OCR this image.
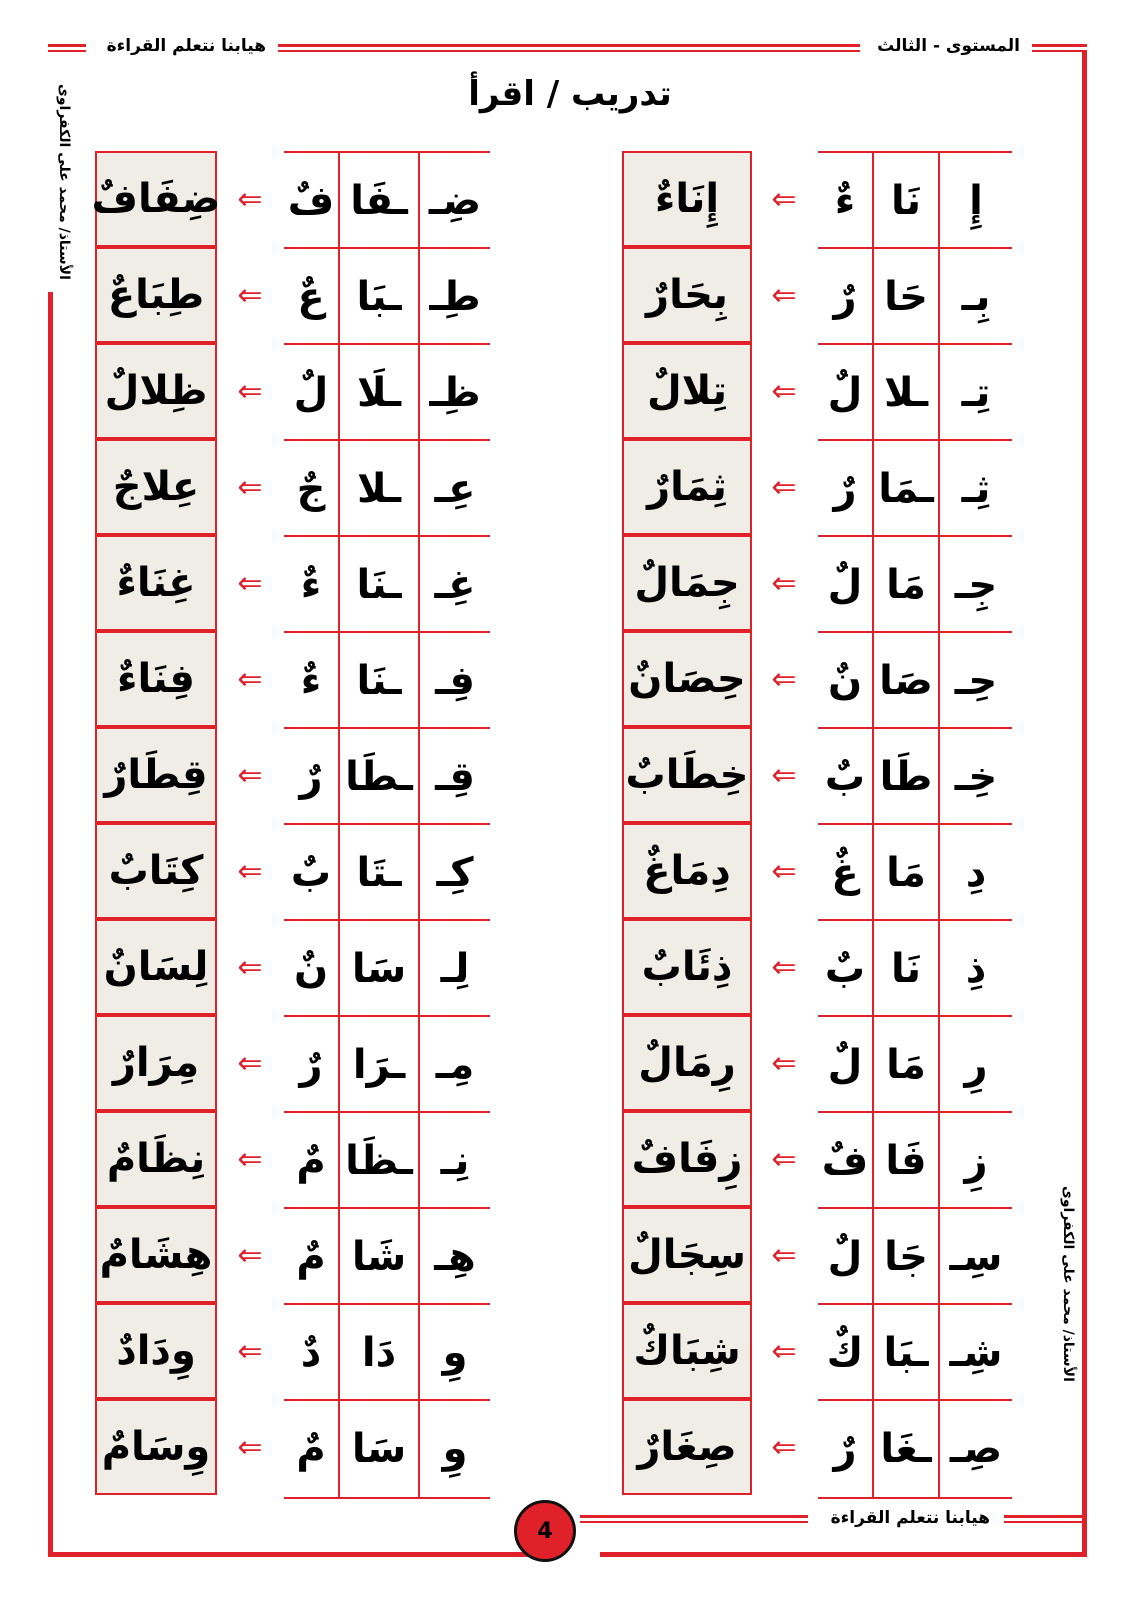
المستوى - الثالث
هيابنا نتعلم القراءة
تدريب / اقرأ
الأستاذ/ محمد على الكفراوى
الأستاذ/ محمد على الكفراوى
إِنَاءٌ	⇐ ءٌ نَا	إِ
بِحَارٌ	⇐ رٌ حَا بِـ
تِلالٌ	⇐ لٌ ـلا تِـ
ثِمَارٌ	⇐ رٌ ـمَا ثِـ
جِمَالٌ	⇐ لٌ مَا جِـ
حِصَانٌ ⇐ نٌ صَا حِـ
خِطَابٌ ⇐ بٌ طَا خِـ
دِمَاغٌ	⇐ غٌ مَا دِ
ذِئَابٌ	⇐ بٌ نَا	ذِ
رِمَالٌ	⇐ لٌ مَا رِ
زِفَافٌ ⇐ فٌ فَا زِ
سِجَالٌ ⇐ لٌ جَا سِـ
شِبَاكٌ	⇐ كٌ ـبَا شِـ
صِغَارٌ	⇐ رٌ ـغَا صِـ
ضِفَافٌ ⇐ فٌ ـفَا ضِـ
طِبَاعٌ	⇐ عٌ ـبَا طِـ
ظِلالٌ	⇐ لٌ ـلَا ظِـ
عِلاجٌ	⇐ جٌ ـلا عِـ
غِنَاءٌ	⇐ ءٌ ـنَا غِـ
فِنَاءٌ	⇐ ءٌ ـنَا فِـ
قِطَارٌ ⇐ رٌ ـطَا قِـ
كِتَابٌ	⇐ بٌ ـتَا كِـ
لِسَانٌ ⇐ نٌ سَا لِـ
مِرَارٌ	⇐ رٌ ـرَا مِـ
نِظَامٌ	⇐ مٌ ـظَا نِـ
هِشَامٌ ⇐ مٌ شَا هِـ
وِدَادٌ	⇐ دٌ	دَا	وِ
وِسَامٌ ⇐ مٌ سَا وِ
هيابنا نتعلم القراءة
4
